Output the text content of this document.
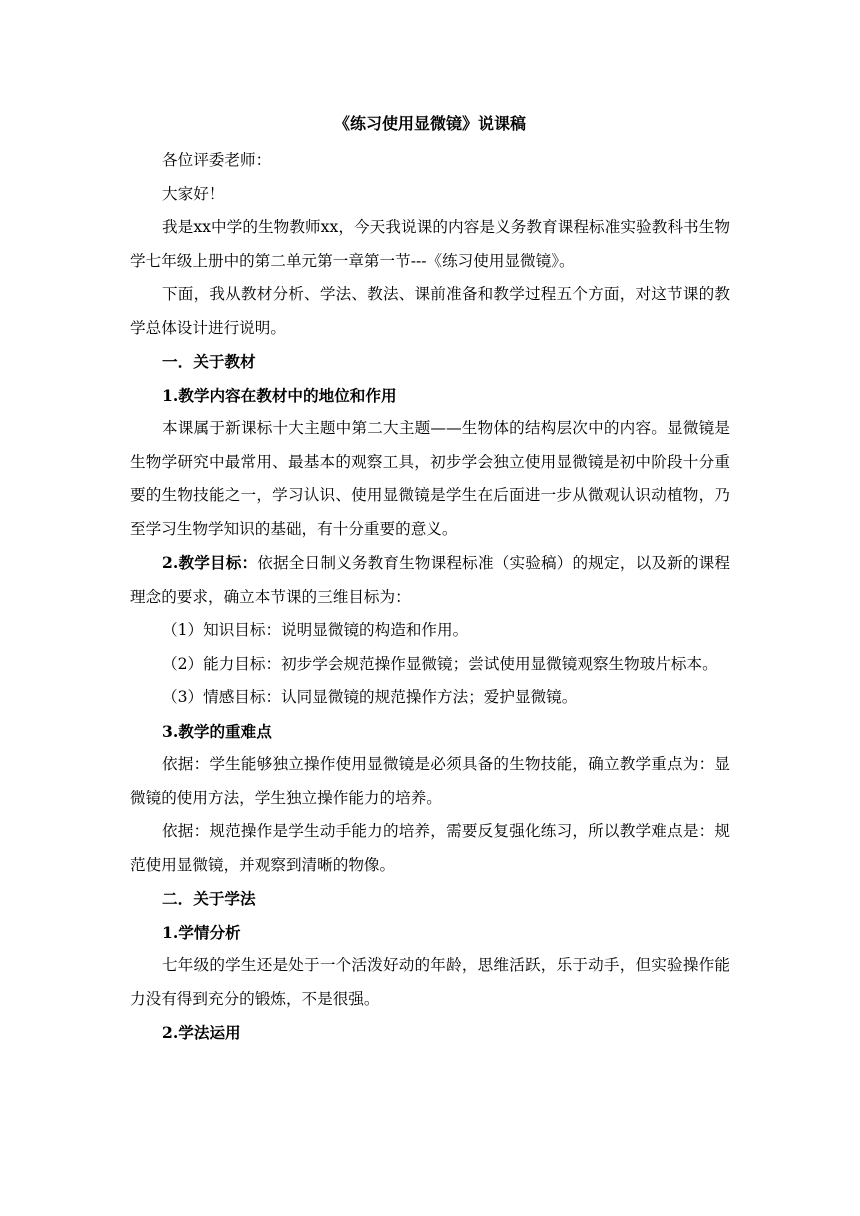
《练习使用显微镜》说课稿

各位评委老师：

大家好！

我是xx中学的生物教师xx，今天我说课的内容是义务教育课程标准实验教科书生物学七年级上册中的第二单元第一章第一节---《练习使用显微镜》。

下面，我从教材分析、学法、教法、课前准备和教学过程五个方面，对这节课的教学总体设计进行说明。

一．关于教材

1.教学内容在教材中的地位和作用

本课属于新课标十大主题中第二大主题——生物体的结构层次中的内容。显微镜是生物学研究中最常用、最基本的观察工具，初步学会独立使用显微镜是初中阶段十分重要的生物技能之一，学习认识、使用显微镜是学生在后面进一步从微观认识动植物，乃至学习生物学知识的基础，有十分重要的意义。

2.教学目标：依据全日制义务教育生物课程标准（实验稿）的规定，以及新的课程理念的要求，确立本节课的三维目标为：

（1）知识目标：说明显微镜的构造和作用。

（2）能力目标：初步学会规范操作显微镜；尝试使用显微镜观察生物玻片标本。

（3）情感目标：认同显微镜的规范操作方法；爱护显微镜。

3.教学的重难点

依据：学生能够独立操作使用显微镜是必须具备的生物技能，确立教学重点为：显微镜的使用方法，学生独立操作能力的培养。

依据：规范操作是学生动手能力的培养，需要反复强化练习，所以教学难点是：规范使用显微镜，并观察到清晰的物像。

二．关于学法

1.学情分析

七年级的学生还是处于一个活泼好动的年龄，思维活跃，乐于动手，但实验操作能力没有得到充分的锻炼，不是很强。

2.学法运用
